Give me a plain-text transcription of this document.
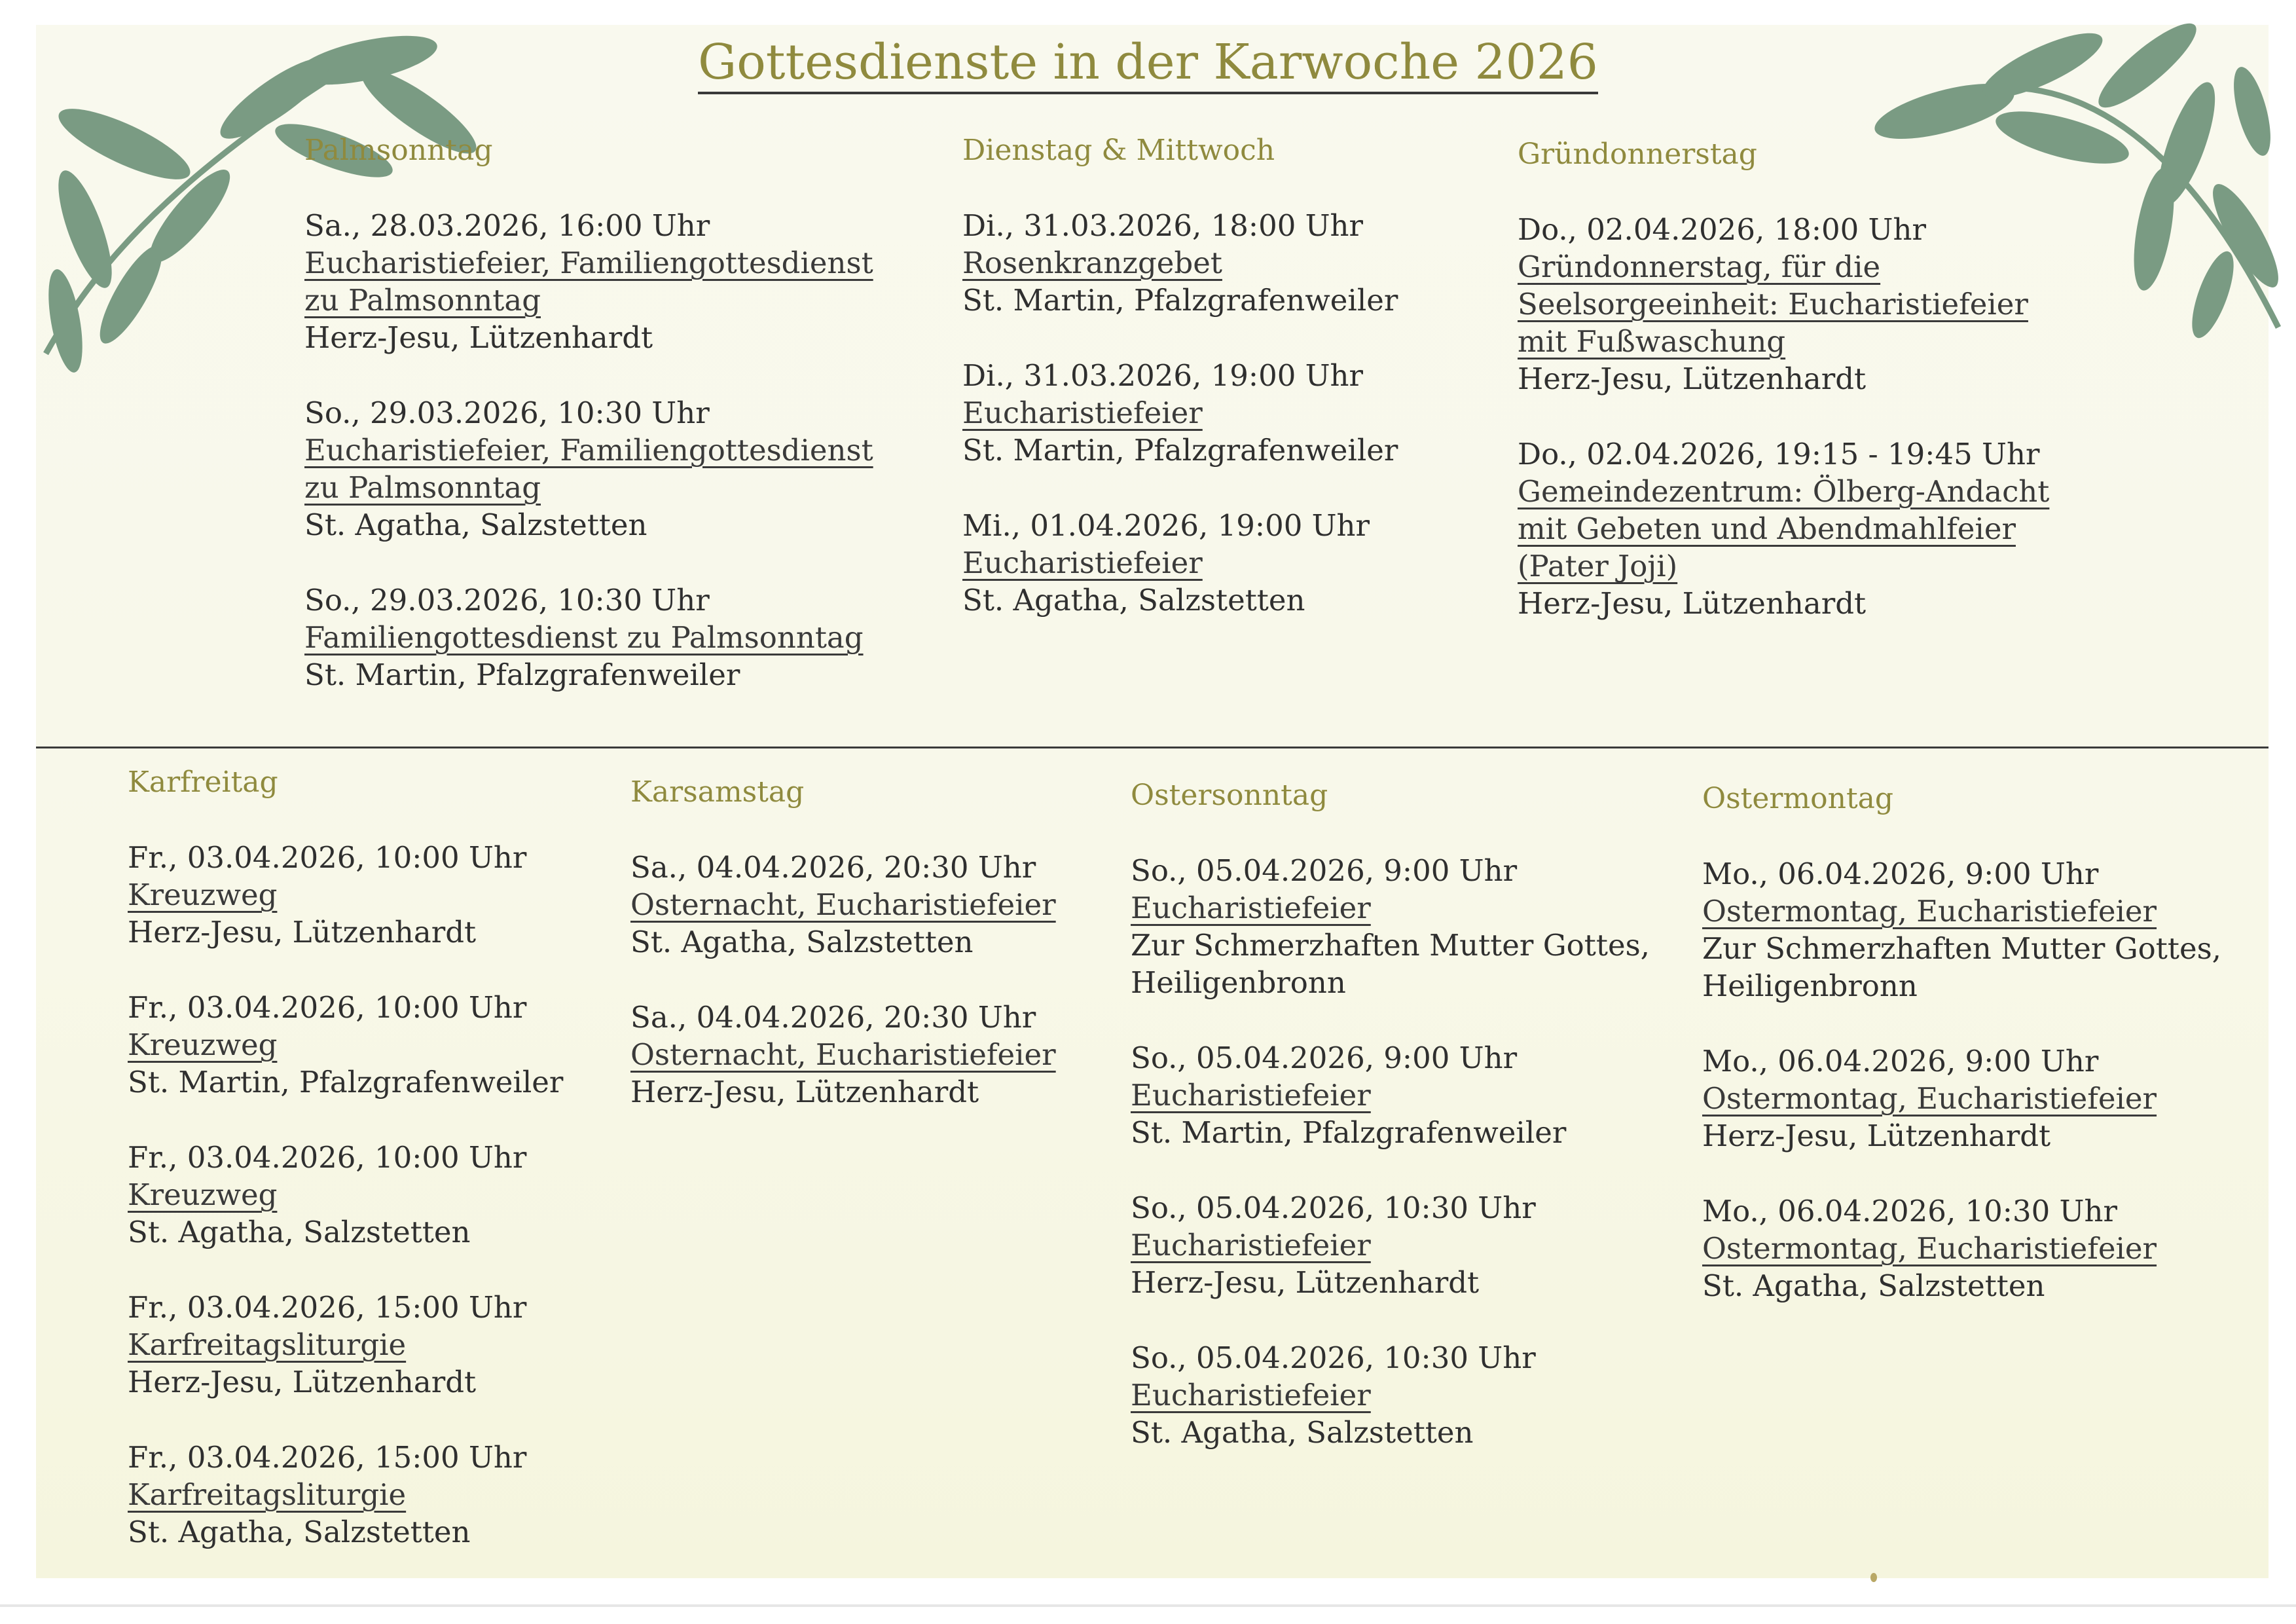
Gottesdienste in der Karwoche 2026
Palmsonntag
Sa., 28.03.2026, 16:00 Uhr
Eucharistiefeier, Familiengottesdienst
zu Palmsonntag
Herz-Jesu, Lützenhardt
So., 29.03.2026, 10:30 Uhr
Eucharistiefeier, Familiengottesdienst
zu Palmsonntag
St. Agatha, Salzstetten
So., 29.03.2026, 10:30 Uhr
Familiengottesdienst zu Palmsonntag
St. Martin, Pfalzgrafenweiler
Dienstag & Mittwoch
Di., 31.03.2026, 18:00 Uhr
Rosenkranzgebet
St. Martin, Pfalzgrafenweiler
Di., 31.03.2026, 19:00 Uhr
Eucharistiefeier
St. Martin, Pfalzgrafenweiler
Mi., 01.04.2026, 19:00 Uhr
Eucharistiefeier
St. Agatha, Salzstetten
Gründonnerstag
Do., 02.04.2026, 18:00 Uhr
Gründonnerstag, für die
Seelsorgeeinheit: Eucharistiefeier
mit Fußwaschung
Herz-Jesu, Lützenhardt
Do., 02.04.2026, 19:15 - 19:45 Uhr
Gemeindezentrum: Ölberg-Andacht
mit Gebeten und Abendmahlfeier
(Pater Joji)
Herz-Jesu, Lützenhardt
Karfreitag
Fr., 03.04.2026, 10:00 Uhr
Kreuzweg
Herz-Jesu, Lützenhardt
Fr., 03.04.2026, 10:00 Uhr
Kreuzweg
St. Martin, Pfalzgrafenweiler
Fr., 03.04.2026, 10:00 Uhr
Kreuzweg
St. Agatha, Salzstetten
Fr., 03.04.2026, 15:00 Uhr
Karfreitagsliturgie
Herz-Jesu, Lützenhardt
Fr., 03.04.2026, 15:00 Uhr
Karfreitagsliturgie
St. Agatha, Salzstetten
Karsamstag
Sa., 04.04.2026, 20:30 Uhr
Osternacht, Eucharistiefeier
St. Agatha, Salzstetten
Sa., 04.04.2026, 20:30 Uhr
Osternacht, Eucharistiefeier
Herz-Jesu, Lützenhardt
Ostersonntag
So., 05.04.2026, 9:00 Uhr
Eucharistiefeier
Zur Schmerzhaften Mutter Gottes,
Heiligenbronn
So., 05.04.2026, 9:00 Uhr
Eucharistiefeier
St. Martin, Pfalzgrafenweiler
So., 05.04.2026, 10:30 Uhr
Eucharistiefeier
Herz-Jesu, Lützenhardt
So., 05.04.2026, 10:30 Uhr
Eucharistiefeier
St. Agatha, Salzstetten
Ostermontag
Mo., 06.04.2026, 9:00 Uhr
Ostermontag, Eucharistiefeier
Zur Schmerzhaften Mutter Gottes,
Heiligenbronn
Mo., 06.04.2026, 9:00 Uhr
Ostermontag, Eucharistiefeier
Herz-Jesu, Lützenhardt
Mo., 06.04.2026, 10:30 Uhr
Ostermontag, Eucharistiefeier
St. Agatha, Salzstetten
